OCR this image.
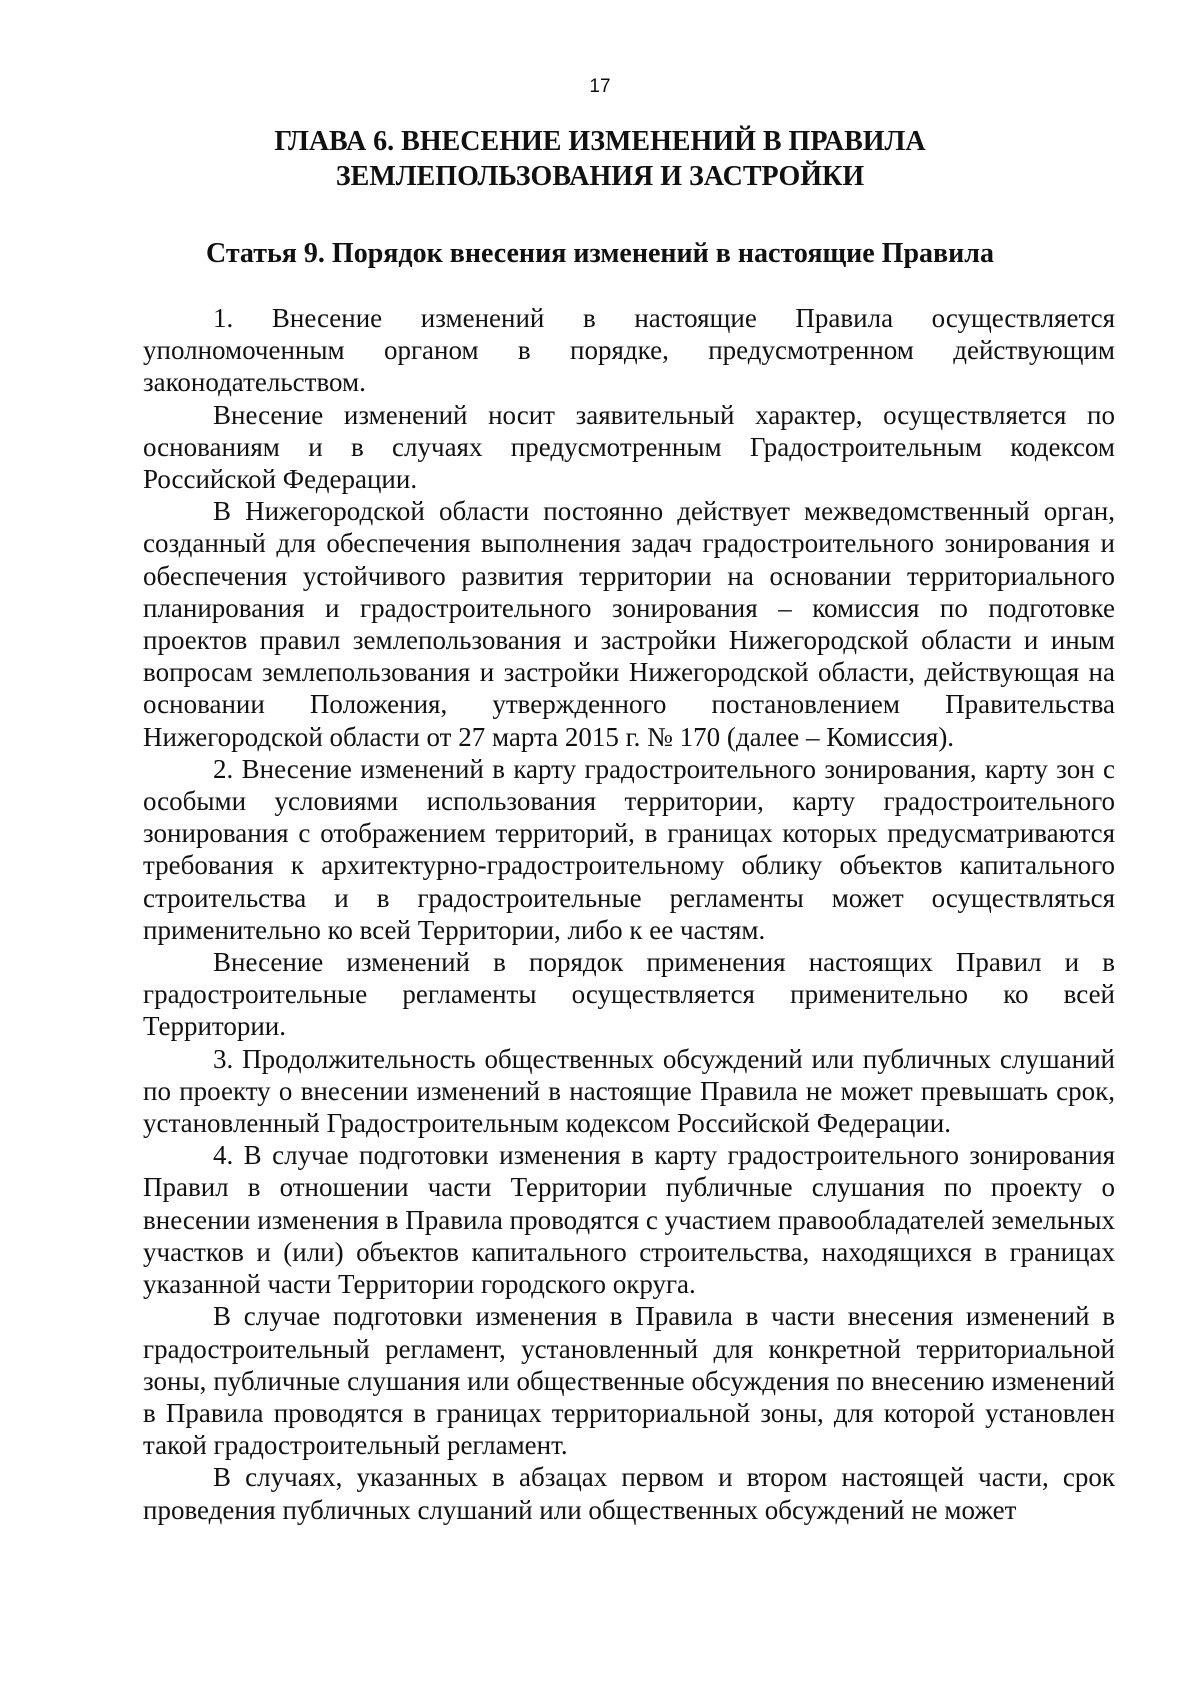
17
ГЛАВА 6. ВНЕСЕНИЕ ИЗМЕНЕНИЙ В ПРАВИЛА
ЗЕМЛЕПОЛЬЗОВАНИЯ И ЗАСТРОЙКИ
Статья 9. Порядок внесения изменений в настоящие Правила

1. Внесение изменений в настоящие Правила осуществляется уполномоченным органом в порядке, предусмотренном действующим законодательством.

Внесение изменений носит заявительный характер, осуществляется по основаниям и в случаях предусмотренным Градостроительным кодексом Российской Федерации.

В Нижегородской области постоянно действует межведомственный орган, созданный для обеспечения выполнения задач градостроительного зонирования и обеспечения устойчивого развития территории на основании территориального планирования и градостроительного зонирования – комиссия по подготовке проектов правил землепользования и застройки Нижегородской области и иным вопросам землепользования и застройки Нижегородской области, действующая на основании Положения, утвержденного постановлением Правительства Нижегородской области от 27 марта 2015 г. № 170 (далее – Комиссия).

2. Внесение изменений в карту градостроительного зонирования, карту зон с особыми условиями использования территории, карту градостроительного зонирования с отображением территорий, в границах которых предусматриваются требования к архитектурно-градостроительному облику объектов капитального строительства и в градостроительные регламенты может осуществляться применительно ко всей Территории, либо к ее частям.

Внесение изменений в порядок применения настоящих Правил и в градостроительные регламенты осуществляется применительно ко всей Территории.

3. Продолжительность общественных обсуждений или публичных слушаний по проекту о внесении изменений в настоящие Правила не может превышать срок, установленный Градостроительным кодексом Российской Федерации.

4. В случае подготовки изменения в карту градостроительного зонирования Правил в отношении части Территории публичные слушания по проекту о внесении изменения в Правила проводятся с участием правообладателей земельных участков и (или) объектов капитального строительства, находящихся в границах указанной части Территории городского округа.

В случае подготовки изменения в Правила в части внесения изменений в градостроительный регламент, установленный для конкретной территориальной зоны, публичные слушания или общественные обсуждения по внесению изменений в Правила проводятся в границах территориальной зоны, для которой установлен такой градостроительный регламент.

В случаях, указанных в абзацах первом и втором настоящей части, срок проведения публичных слушаний или общественных обсуждений не может
